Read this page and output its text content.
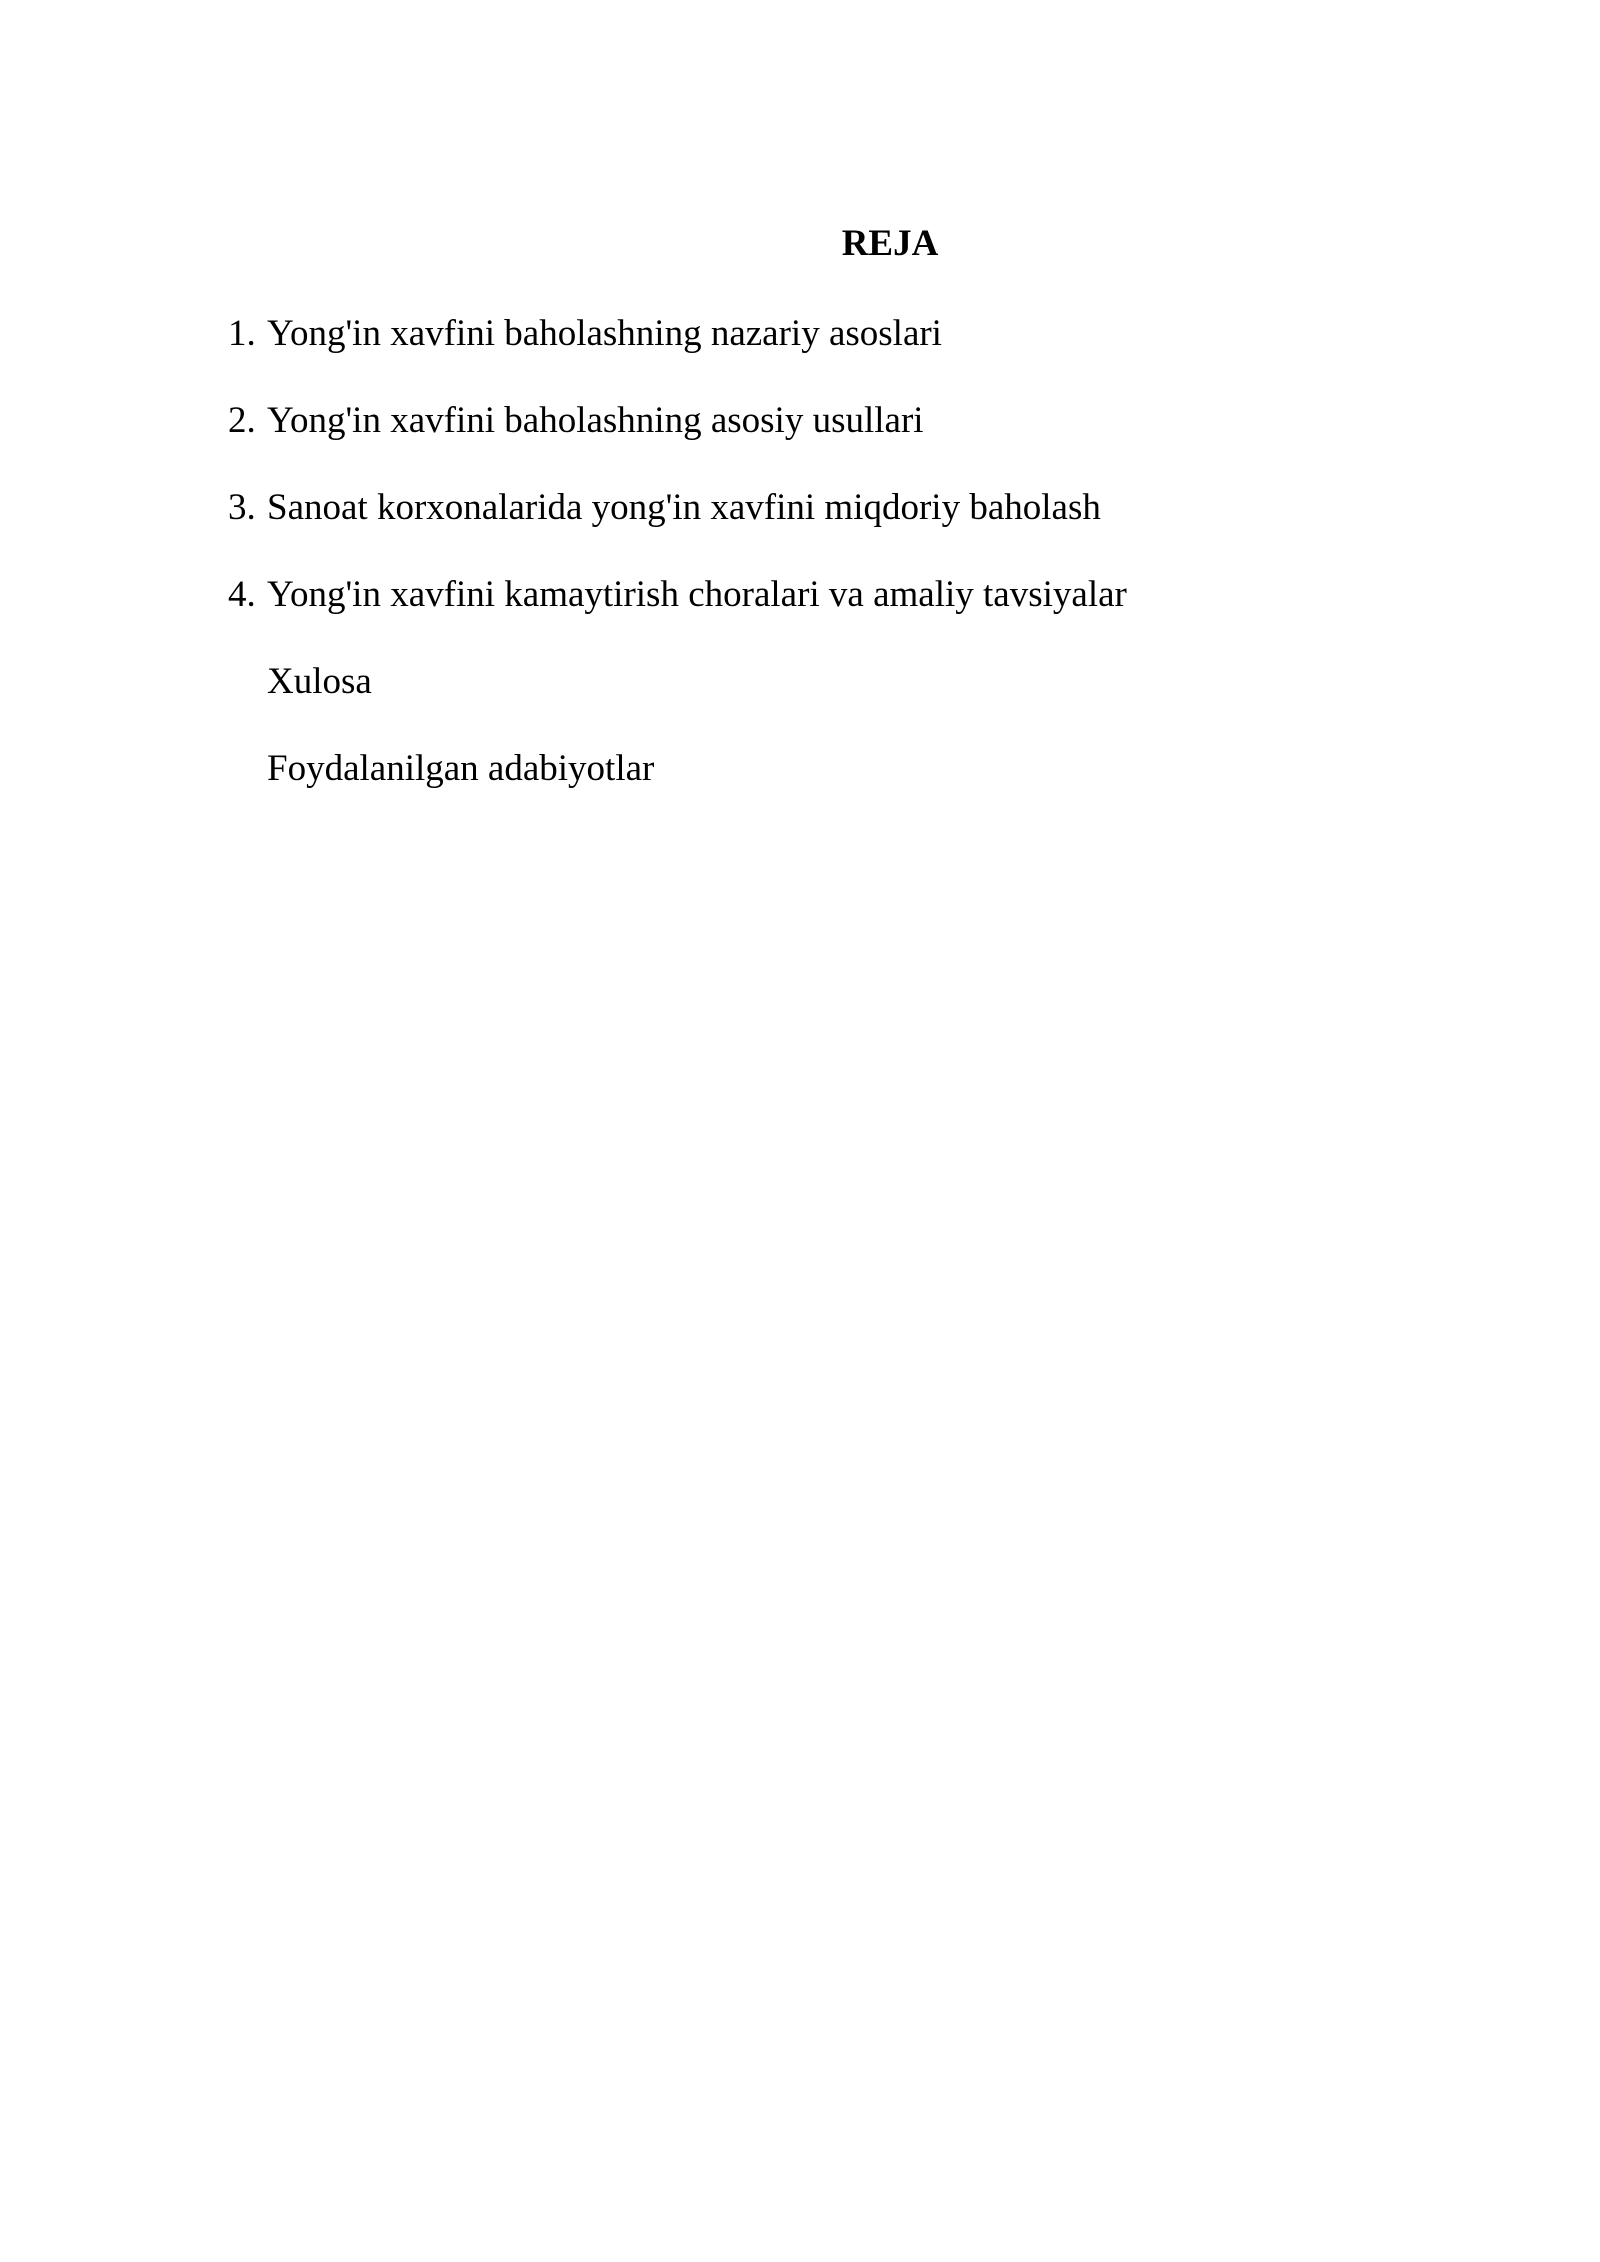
REJA
1. Yong'in xavfini baholashning nazariy asoslari
2. Yong'in xavfini baholashning asosiy usullari
3. Sanoat korxonalarida yong'in xavfini miqdoriy baholash
4. Yong'in xavfini kamaytirish choralari va amaliy tavsiyalar
Xulosa
Foydalanilgan adabiyotlar
